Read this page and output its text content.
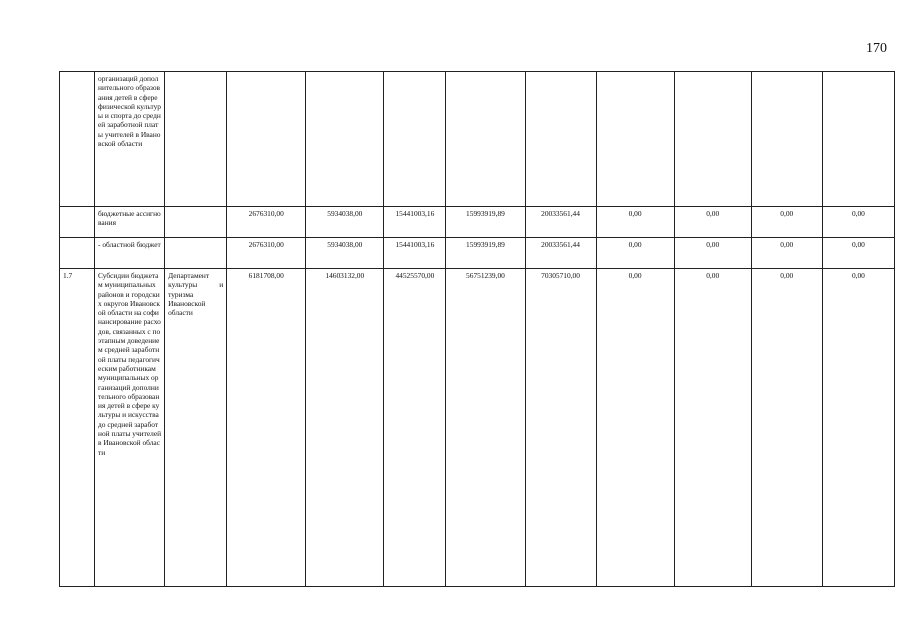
170
	организаций дополнительного образования детей в сфере физической культуры и спорта до средней заработной платы учителей в Ивановской области										
	бюджетные ассигнования		2676310,00	5934038,00	15441003,16	15993919,89	20033561,44	0,00	0,00	0,00	0,00
	- областной бюджет		2676310,00	5934038,00	15441003,16	15993919,89	20033561,44	0,00	0,00	0,00	0,00
1.7	Субсидии бюджетам муниципальных районов и городских округов Ивановской области на софинансирование расходов, связанных с поэтапным доведением средней заработной платы педагогическим работникам муниципальных организаций дополнительного образования детей в сфере культуры и искусства до средней заработной платы учителей в Ивановской области	Департамент культуры и туризма Ивановской области	6181708,00	14603132,00	44525570,00	56751239,00	70305710,00	0,00	0,00	0,00	0,00
